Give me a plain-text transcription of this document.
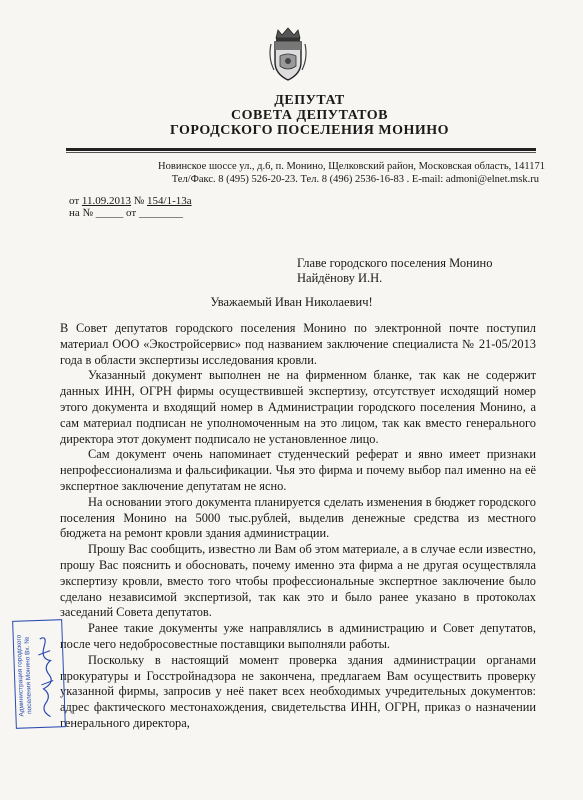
ДЕПУТАТ
СОВЕТА ДЕПУТАТОВ
ГОРОДСКОГО ПОСЕЛЕНИЯ МОНИНО
Новинское шоссе ул., д.6, п. Монино, Щелковский район, Московская область, 141171
Тел/Факс. 8 (495) 526-20-23. Тел. 8 (496) 2536-16-83 . E-mail: admoni@elnet.msk.ru
от 11.09.2013 № 154/1-13а
на № _____ от ________
Главе городского поселения Монино
Найдёнову И.Н.
Уважаемый Иван Николаевич!

В Совет депутатов городского поселения Монино по электронной почте поступил материал ООО «Экостройсервис» под названием заключение специалиста № 21-05/2013 года в области экспертизы исследования кровли.

Указанный документ выполнен не на фирменном бланке, так как не содержит данных ИНН, ОГРН фирмы осуществившей экспертизу, отсутствует исходящий номер этого документа и входящий номер в Администрации городского поселения Монино, а сам материал подписан не уполномоченным на это лицом, так как вместо генерального директора этот документ подписало не установленное лицо.

Сам документ очень напоминает студенческий реферат и явно имеет признаки непрофессионализма и фальсификации. Чья это фирма и почему выбор пал именно на её экспертное заключение депутатам не ясно.

На основании этого документа планируется сделать изменения в бюджет городского поселения Монино на 5000 тыс.рублей, выделив денежные средства из местного бюджета на ремонт кровли здания администрации.

Прошу Вас сообщить, известно ли Вам об этом материале, а в случае если известно, прошу Вас пояснить и обосновать, почему именно эта фирма а не другая осуществляла экспертизу кровли, вместо того чтобы профессиональные экспертное заключение было сделано независимой экспертизой, так как это и было ранее указано в протоколах заседаний Совета депутатов.

Ранее такие документы уже направлялись в администрацию и Совет депутатов, после чего недобросовестные поставщики выполняли работы.

Поскольку в настоящий момент проверка здания администрации органами прокуратуры и Госстройнадзора не закончена, предлагаем Вам осуществить проверку указанной фирмы, запросив у неё пакет всех необходимых учредительных документов: адрес фактического местонахождения, свидетельства ИНН, ОГРН, приказ о назначении генерального директора,

Администрация городского поселения Монино Вх. №
